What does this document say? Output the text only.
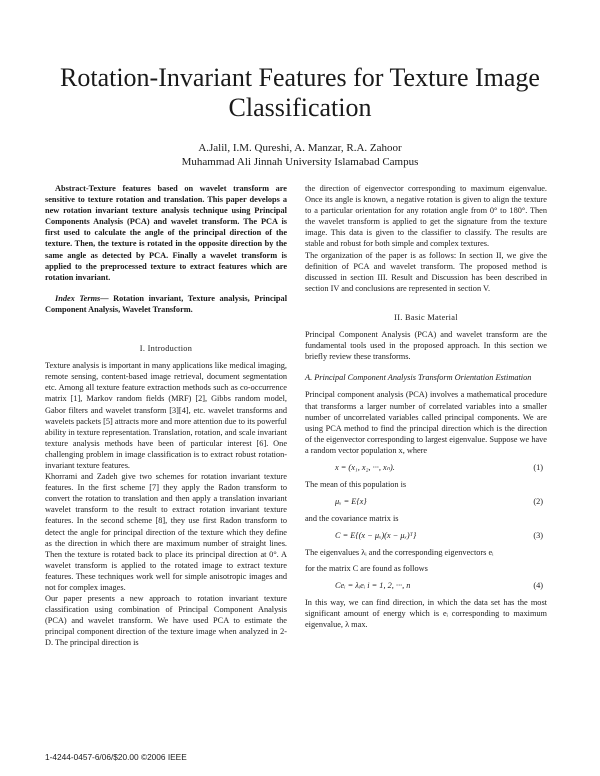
Rotation-Invariant Features for Texture Image Classification

A.Jalil, I.M. Qureshi, A. Manzar, R.A. Zahoor

Muhammad Ali Jinnah University Islamabad Campus

Abstract-Texture features based on wavelet transform are sensitive to texture rotation and translation. This paper develops a new rotation invariant texture analysis technique using Principal Components Analysis (PCA) and wavelet transform. The PCA is first used to calculate the angle of the principal direction of the texture. Then, the texture is rotated in the opposite direction by the same angle as detected by PCA. Finally a wavelet transform is applied to the preprocessed texture to extract features which are rotation invariant.

Index Terms— Rotation invariant, Texture analysis, Principal Component Analysis, Wavelet Transform.

I. Introduction

Texture analysis is important in many applications like medical imaging, remote sensing, content-based image retrieval, document segmentation etc. Among all texture feature extraction methods such as co-occurrence matrix [1], Markov random fields (MRF) [2], Gibbs random model, Gabor filters and wavelet transform [3][4], etc. wavelet transforms and wavelets packets [5] attracts more and more attention due to its powerful ability in texture representation. Translation, rotation, and scale invariant texture analysis methods have been of particular interest [6]. One challenging problem in image classification is to extract robust rotation-invariant texture features.

Khorrami and Zadeh give two schemes for rotation invariant texture features. In the first scheme [7] they apply the Radon transform to convert the rotation to translation and then apply a translation invariant wavelet transform to the result to extract rotation invariant texture features. In the second scheme [8], they use first Radon transform to detect the angle for principal direction of the texture which they define as the direction in which there are maximum number of straight lines. Then the texture is rotated back to place its principal direction at 0°. A wavelet transform is applied to the rotated image to extract texture features. These techniques work well for simple anisotropic images and not for complex images.

Our paper presents a new approach to rotation invariant texture classification using combination of Principal Component Analysis (PCA) and wavelet transform. We have used PCA to estimate the principal component direction of the texture image when analyzed in 2-D. The principal direction is

the direction of eigenvector corresponding to maximum eigenvalue. Once its angle is known, a negative rotation is given to align the texture to a particular orientation for any rotation angle from 0° to 180°. Then the wavelet transform is applied to get the signature from the texture image. This data is given to the classifier to classify. The results are stable and robust for both simple and complex textures.

The organization of the paper is as follows: In section II, we give the definition of PCA and wavelet transform. The proposed method is discussed in section III. Result and Discussion has been described in section IV and conclusions are represented in section V.

II. Basic Material

Principal Component Analysis (PCA) and wavelet transform are the fundamental tools used in the proposed approach. In this section we briefly review these transforms.

A. Principal Component Analysis Transform Orientation Estimation

Principal component analysis (PCA) involves a mathematical procedure that transforms a larger number of correlated variables into a smaller number of uncorrelated variables called principal components. We are using PCA method to find the principal direction which is the direction of the eigenvector corresponding to largest eigenvalue. Suppose we have a random vector population x, where

x = (x₁, x₂, ···, xₙ).	(1)

The mean of this population is

μₓ = E{x}	(2)

and the covariance matrix is

C = E{(x − μₓ)(x − μₓ)ᵀ}	(3)

The eigenvalues λᵢ and the corresponding eigenvectors eᵢ

for the matrix C are found as follows

Ceᵢ = λᵢeᵢ i = 1, 2, ···, n	(4)

In this way, we can find direction, in which the data set has the most significant amount of energy which is eᵢ corresponding to maximum eigenvalue, λ max.

1-4244-0457-6/06/$20.00 ©2006 IEEE
